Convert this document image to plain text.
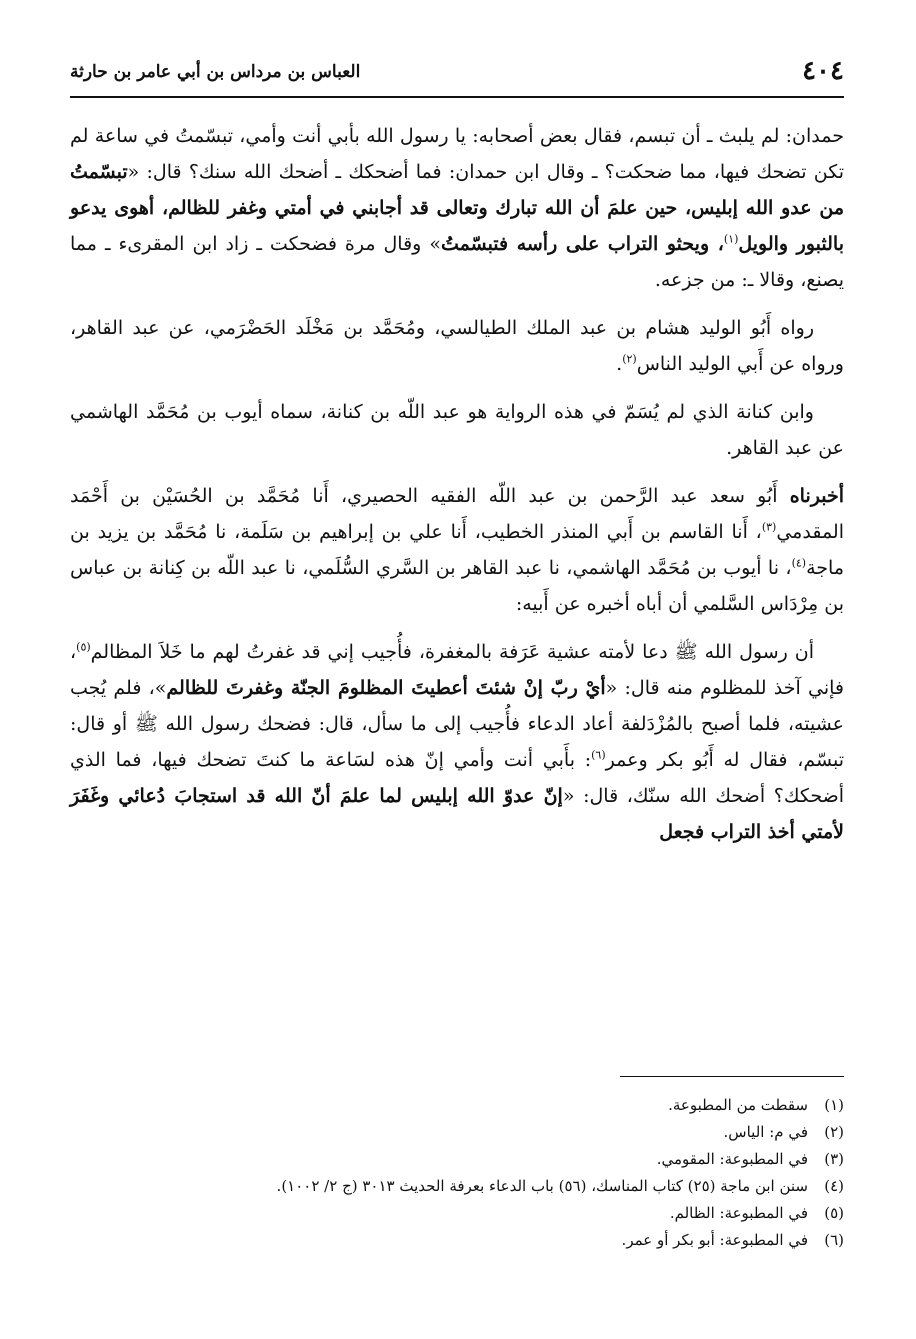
٤٠٤
العباس بن مرداس بن أبي عامر بن حارثة

حمدان: لم يلبث ـ أن تبسم، فقال بعض أصحابه: يا رسول الله بأبي أنت وأمي، تبسّمتُ في ساعة لم تكن تضحك فيها، مما ضحكت؟ ـ وقال ابن حمدان: فما أضحكك ـ أضحك الله سنك؟ قال: «تبسّمتُ من عدو الله إبليس، حين علمَ أن الله تبارك وتعالى قد أجابني في أمتي وغفر للظالم، أهوى يدعو بالثبور والويل$^{(١)}$، ويحثو التراب على رأسه فتبسّمتُ» وقال مرة فضحكت ـ زاد ابن المقرىء ـ مما يصنع، وقالا ـ: من جزعه.

رواه أَبُو الوليد هشام بن عبد الملك الطيالسي، ومُحَمَّد بن مَخْلَد الحَضْرَمي، عن عبد القاهر، ورواه عن أَبي الوليد الناس$^{(٢)}$.

وابن كنانة الذي لم يُسَمّ في هذه الرواية هو عبد اللّه بن كنانة، سماه أيوب بن مُحَمَّد الهاشمي عن عبد القاهر.

أخبرناه أَبُو سعد عبد الرَّحمن بن عبد اللّه الفقيه الحصيري، أَنا مُحَمَّد بن الحُسَيْن بن أَحْمَد المقدمي$^{(٣)}$، أَنا القاسم بن أَبي المنذر الخطيب، أَنا علي بن إبراهيم بن سَلَمة، نا مُحَمَّد بن يزيد بن ماجة$^{(٤)}$، نا أيوب بن مُحَمَّد الهاشمي، نا عبد القاهر بن السَّري السُّلَمي، نا عبد اللّه بن كِنانة بن عباس بن مِرْدَاس السَّلمي أن أباه أخبره عن أَبيه:

أن رسول الله ﷺ دعا لأمته عشية عَرَفة بالمغفرة، فأُجيب إني قد غفرتُ لهم ما خَلاَ المظالم$^{(٥)}$، فإني آخذ للمظلوم منه قال: «أيْ ربّ إنْ شئتَ أعطيتَ المظلومَ الجنّة وغفرتَ للظالم»، فلم يُجب عشيته، فلما أصبح بالمُزْدَلفة أعاد الدعاء فأُجيب إلى ما سأل، قال: فضحك رسول الله ﷺ أو قال: تبسّم، فقال له أَبُو بكر وعمر$^{(٦)}$: بأَبي أنت وأمي إنّ هذه لسَاعة ما كنتَ تضحك فيها، فما الذي أضحكك؟ أضحك الله سنّك، قال: «إنّ عدوّ الله إبليس لما علمَ أنّ الله قد استجابَ دُعائي وغَفَرَ لأمتي أخذ التراب فجعل

(١)سقطت من المطبوعة.
(٢)في م: الياس.
(٣)في المطبوعة: المقومي.
(٤)سنن ابن ماجة (٢٥) كتاب المناسك، (٥٦) باب الدعاء بعرفة الحديث ٣٠١٣ (ج ٢/ ١٠٠٢).
(٥)في المطبوعة: الظالم.
(٦)في المطبوعة: أبو بكر أو عمر.
